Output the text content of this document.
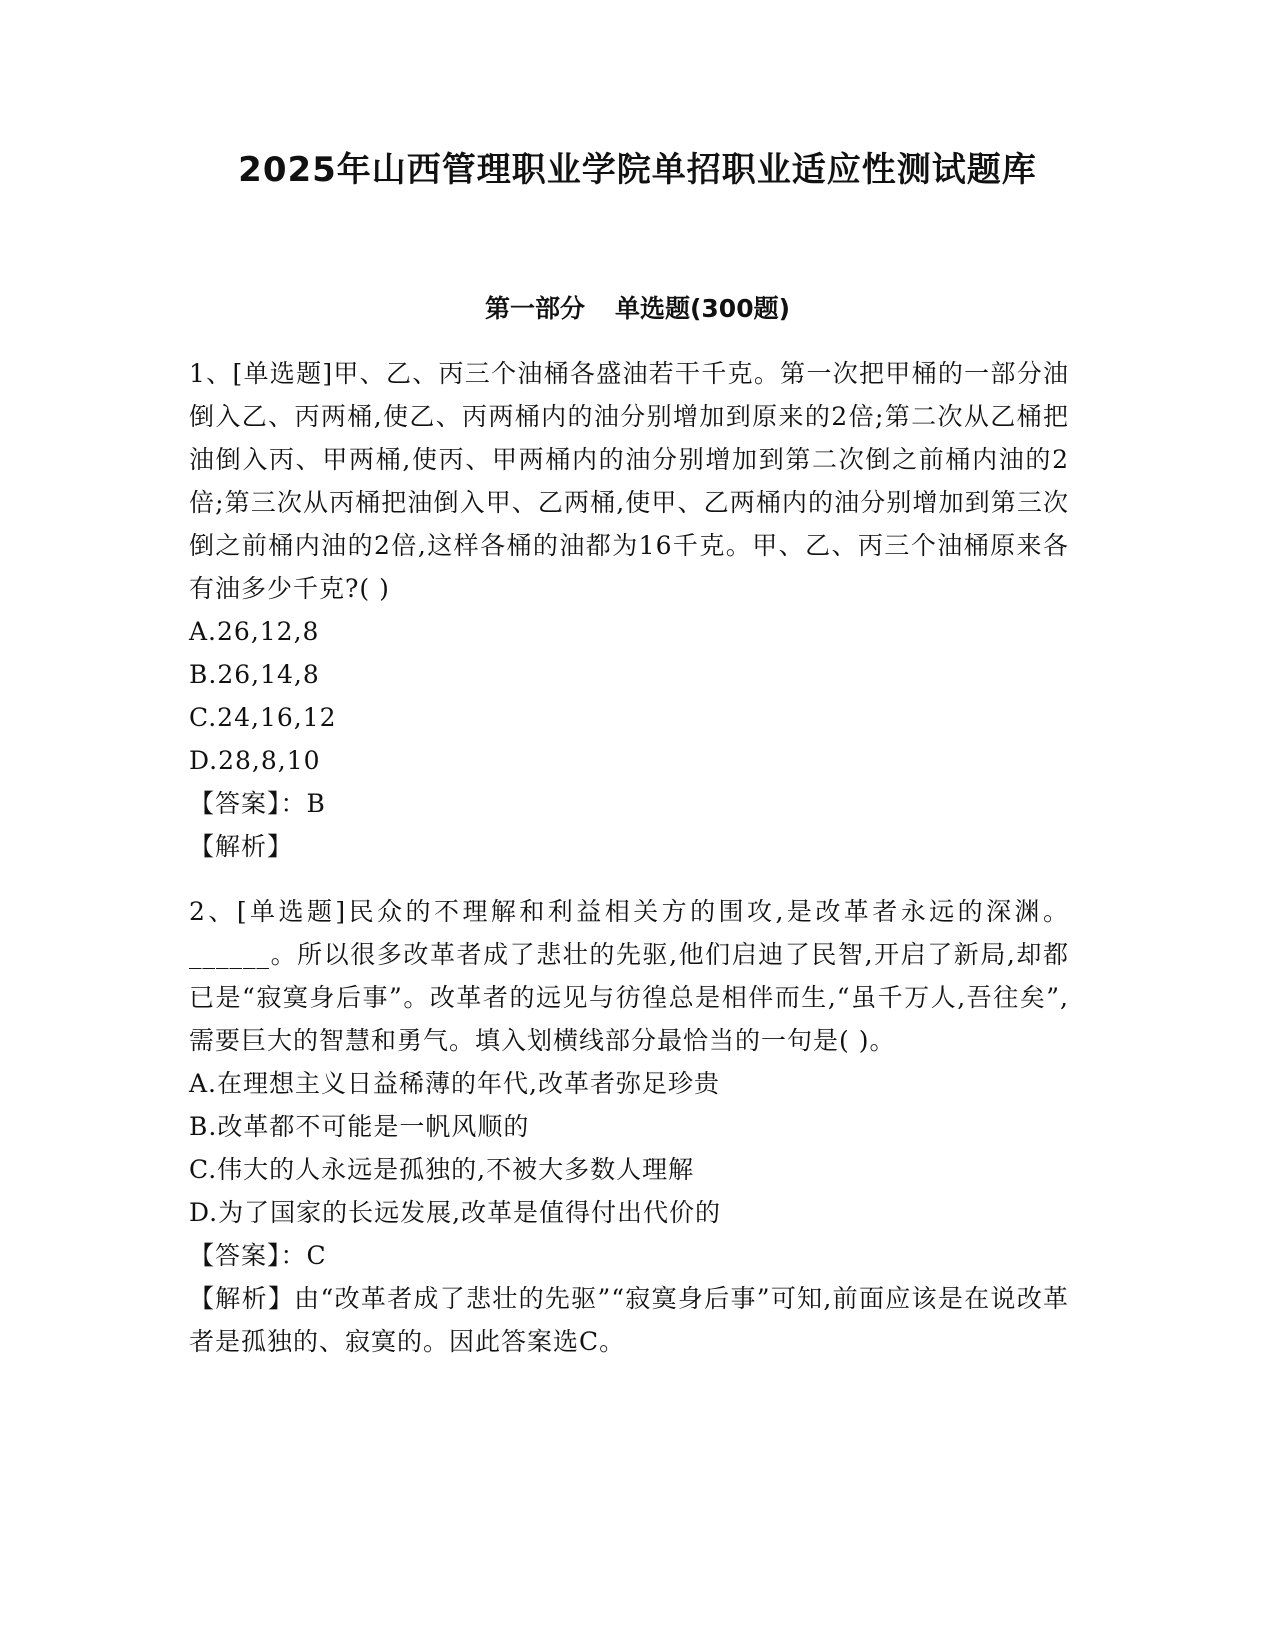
2025年山西管理职业学院单招职业适应性测试题库
第一部分 单选题(300题)

1、[单选题]甲、乙、丙三个油桶各盛油若干千克。第一次把甲桶的一部分油倒入乙、丙两桶,使乙、丙两桶内的油分别增加到原来的2倍;第二次从乙桶把油倒入丙、甲两桶,使丙、甲两桶内的油分别增加到第二次倒之前桶内油的2倍;第三次从丙桶把油倒入甲、乙两桶,使甲、乙两桶内的油分别增加到第三次倒之前桶内油的2倍,这样各桶的油都为16千克。甲、乙、丙三个油桶原来各有油多少千克?( )

A.26,12,8

B.26,14,8

C.24,16,12

D.28,8,10

【答案】：B

【解析】

2、[单选题]民众的不理解和利益相关方的围攻,是改革者永远的深渊。______。所以很多改革者成了悲壮的先驱,他们启迪了民智,开启了新局,却都已是“寂寞身后事”。改革者的远见与彷徨总是相伴而生,“虽千万人,吾往矣”,需要巨大的智慧和勇气。填入划横线部分最恰当的一句是( )。

A.在理想主义日益稀薄的年代,改革者弥足珍贵

B.改革都不可能是一帆风顺的

C.伟大的人永远是孤独的,不被大多数人理解

D.为了国家的长远发展,改革是值得付出代价的

【答案】：C

【解析】由“改革者成了悲壮的先驱”“寂寞身后事”可知,前面应该是在说改革者是孤独的、寂寞的。因此答案选C。
